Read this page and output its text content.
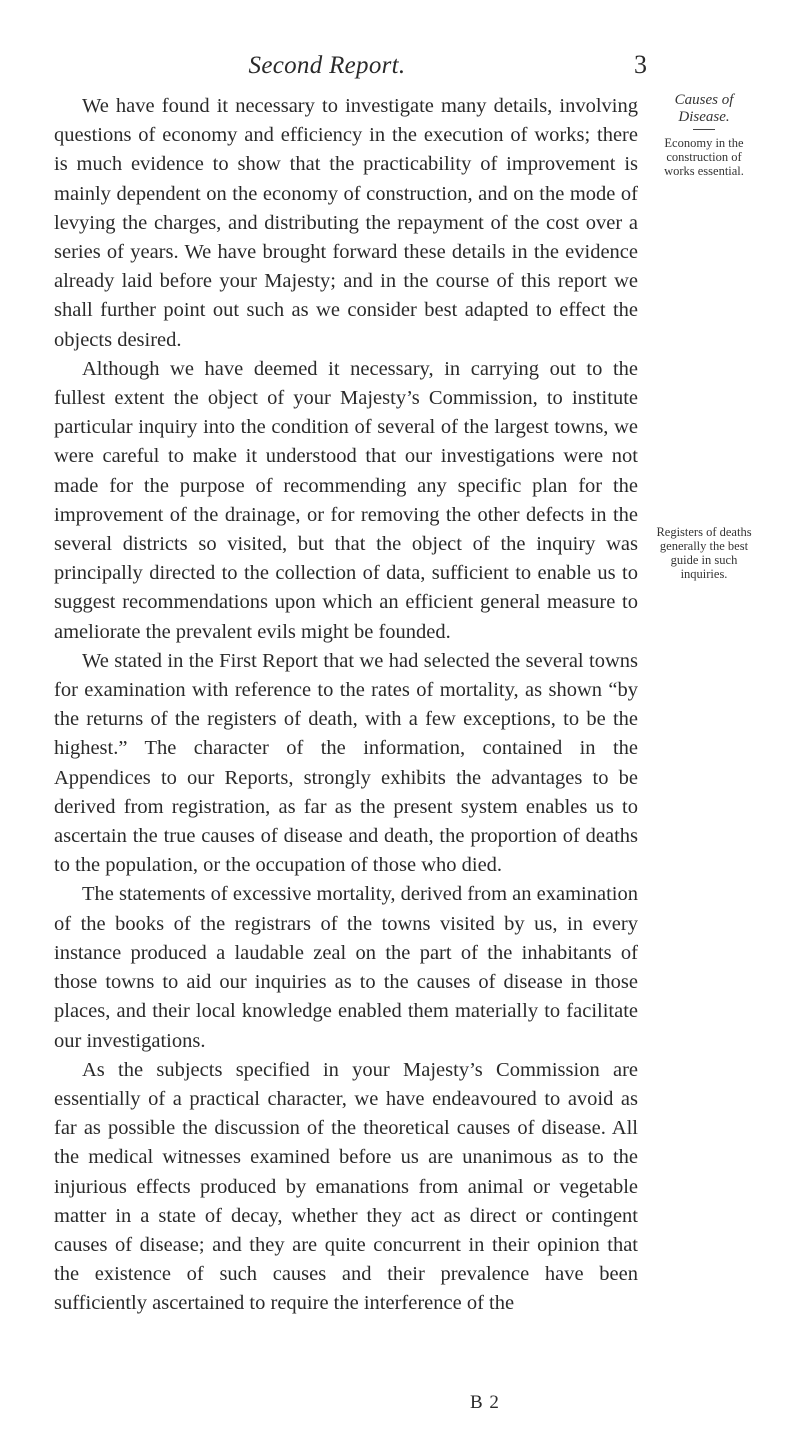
Second Report.	3
Causes of Disease.
Economy in the construction of works essential.
Registers of deaths generally the best guide in such inquiries.

We have found it necessary to investigate many details, involving questions of economy and efficiency in the execution of works; there is much evidence to show that the practicability of improvement is mainly dependent on the economy of construction, and on the mode of levying the charges, and distributing the repayment of the cost over a series of years. We have brought forward these details in the evidence already laid before your Majesty; and in the course of this report we shall further point out such as we consider best adapted to effect the objects desired.

Although we have deemed it necessary, in carrying out to the fullest extent the object of your Majesty’s Commission, to institute particular inquiry into the condition of several of the largest towns, we were careful to make it understood that our investigations were not made for the purpose of recommending any specific plan for the improvement of the drainage, or for removing the other defects in the several districts so visited, but that the object of the inquiry was principally directed to the collection of data, sufficient to enable us to suggest recommendations upon which an efficient general measure to ameliorate the prevalent evils might be founded.

We stated in the First Report that we had selected the several towns for examination with reference to the rates of mortality, as shown “by the returns of the registers of death, with a few exceptions, to be the highest.” The character of the information, contained in the Appendices to our Reports, strongly exhibits the advantages to be derived from registration, as far as the present system enables us to ascertain the true causes of disease and death, the proportion of deaths to the population, or the occupation of those who died.

The statements of excessive mortality, derived from an examination of the books of the registrars of the towns visited by us, in every instance produced a laudable zeal on the part of the inhabitants of those towns to aid our inquiries as to the causes of disease in those places, and their local knowledge enabled them materially to facilitate our investigations.

As the subjects specified in your Majesty’s Commission are essentially of a practical character, we have endeavoured to avoid as far as possible the discussion of the theoretical causes of disease. All the medical witnesses examined before us are unanimous as to the injurious effects produced by emanations from animal or vegetable matter in a state of decay, whether they act as direct or contingent causes of disease; and they are quite concurrent in their opinion that the existence of such causes and their prevalence have been sufficiently ascertained to require the interference of the

B 2
